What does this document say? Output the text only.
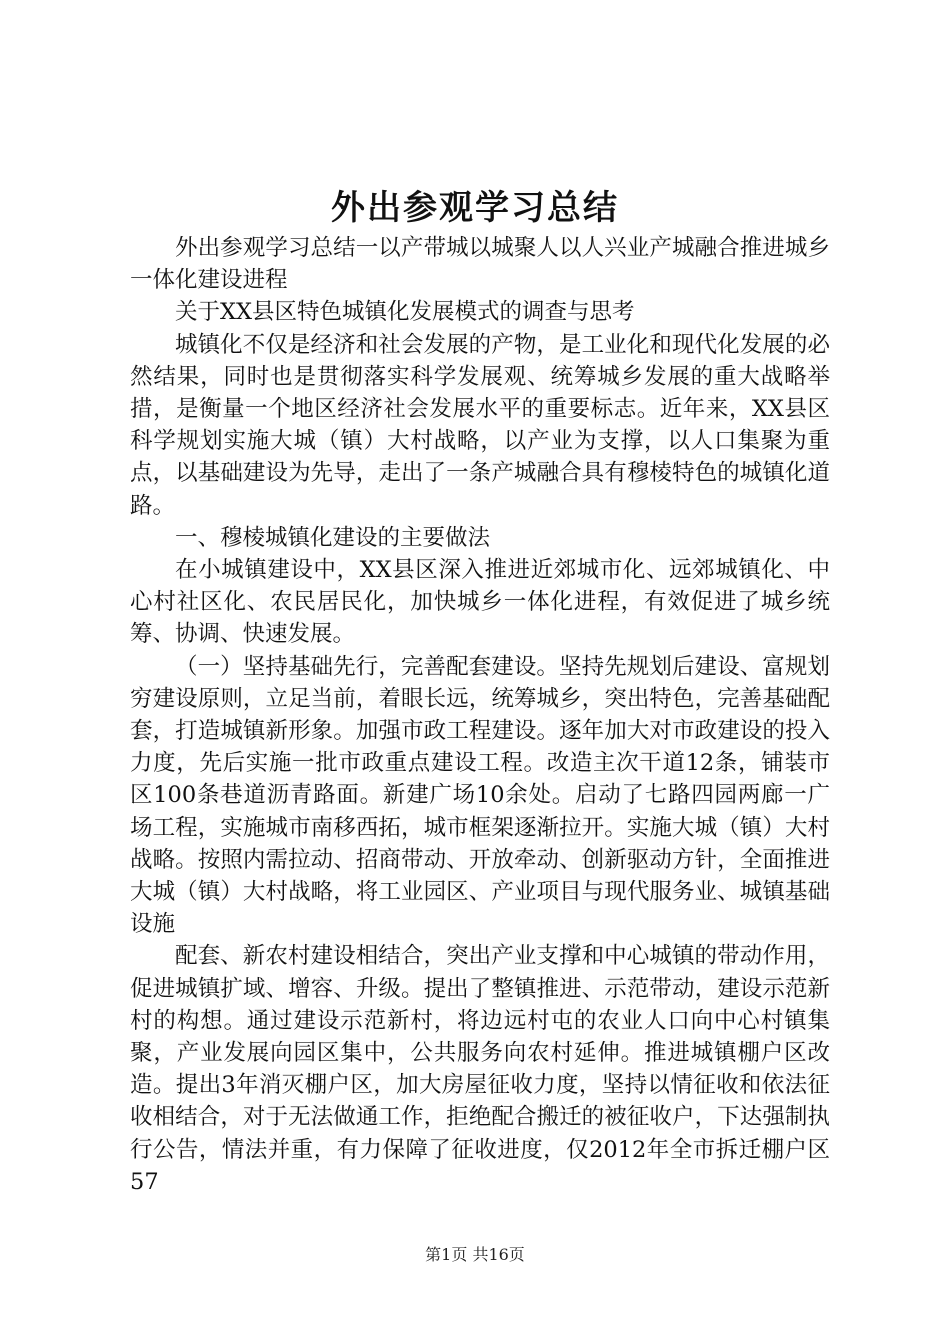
外出参观学习总结

外出参观学习总结一以产带城以城聚人以人兴业产城融合推进城乡一体化建设进程

关于XX县区特色城镇化发展模式的调查与思考

城镇化不仅是经济和社会发展的产物，是工业化和现代化发展的必然结果，同时也是贯彻落实科学发展观、统筹城乡发展的重大战略举措，是衡量一个地区经济社会发展水平的重要标志。近年来，XX县区科学规划实施大城（镇）大村战略，以产业为支撑，以人口集聚为重点，以基础建设为先导，走出了一条产城融合具有穆棱特色的城镇化道路。

一、穆棱城镇化建设的主要做法

在小城镇建设中，XX县区深入推进近郊城市化、远郊城镇化、中心村社区化、农民居民化，加快城乡一体化进程，有效促进了城乡统筹、协调、快速发展。

（一）坚持基础先行，完善配套建设。坚持先规划后建设、富规划穷建设原则，立足当前，着眼长远，统筹城乡，突出特色，完善基础配套，打造城镇新形象。加强市政工程建设。逐年加大对市政建设的投入力度，先后实施一批市政重点建设工程。改造主次干道12条，铺装市区100条巷道沥青路面。新建广场10余处。启动了七路四园两廊一广场工程，实施城市南移西拓，城市框架逐渐拉开。实施大城（镇）大村战略。按照内需拉动、招商带动、开放牵动、创新驱动方针，全面推进大城（镇）大村战略，将工业园区、产业项目与现代服务业、城镇基础设施

配套、新农村建设相结合，突出产业支撑和中心城镇的带动作用，促进城镇扩域、增容、升级。提出了整镇推进、示范带动，建设示范新村的构想。通过建设示范新村，将边远村屯的农业人口向中心村镇集聚，产业发展向园区集中，公共服务向农村延伸。推进城镇棚户区改造。提出3年消灭棚户区，加大房屋征收力度，坚持以情征收和依法征收相结合，对于无法做通工作，拒绝配合搬迁的被征收户，下达强制执行公告，情法并重，有力保障了征收进度，仅2012年全市拆迁棚户区57

第1页 共16页
